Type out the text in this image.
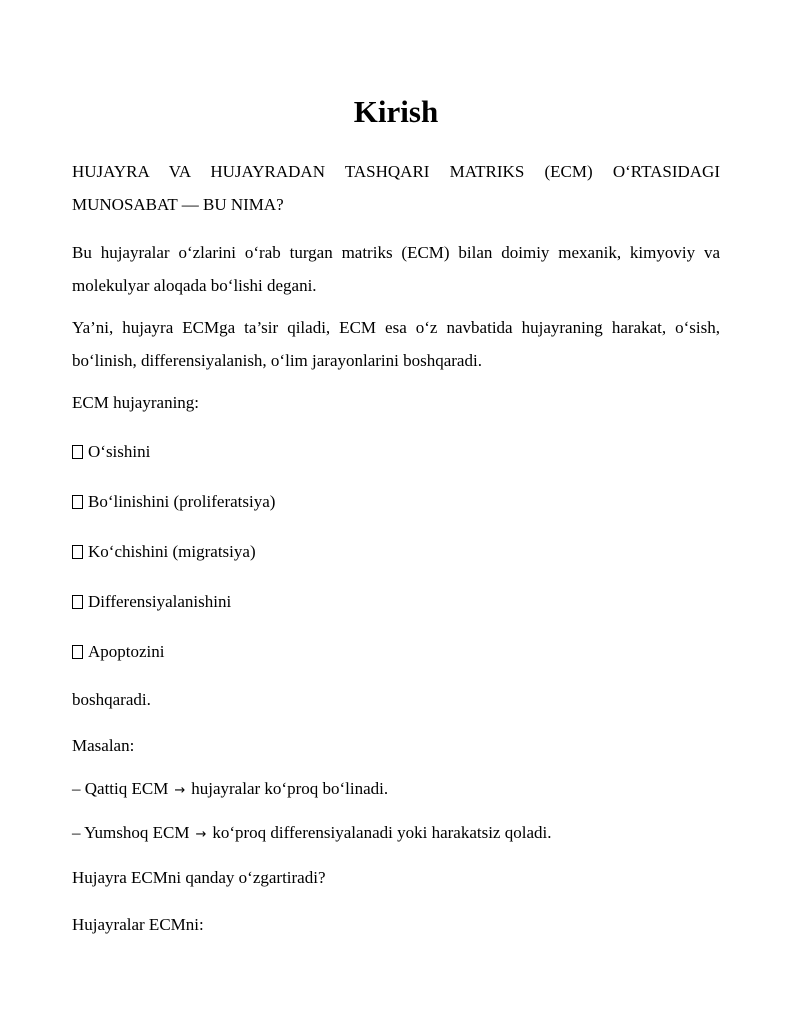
Kirish

HUJAYRA VA HUJAYRADAN TASHQARI MATRIKS (ECM) O‘RTASIDAGI MUNOSABAT — BU NIMA?

Bu hujayralar o‘zlarini o‘rab turgan matriks (ECM) bilan doimiy mexanik, kimyoviy va molekulyar aloqada bo‘lishi degani.

Ya’ni, hujayra ECMga ta’sir qiladi, ECM esa o‘z navbatida hujayraning harakat, o‘sish, bo‘linish, differensiyalanish, o‘lim jarayonlarini boshqaradi.

ECM hujayraning:

O‘sishini

Bo‘linishini (proliferatsiya)

Ko‘chishini (migratsiya)

Differensiyalanishini

Apoptozini

boshqaradi.

Masalan:

– Qattiq ECM → hujayralar ko‘proq bo‘linadi.

– Yumshoq ECM → ko‘proq differensiyalanadi yoki harakatsiz qoladi.

Hujayra ECMni qanday o‘zgartiradi?

Hujayralar ECMni:
